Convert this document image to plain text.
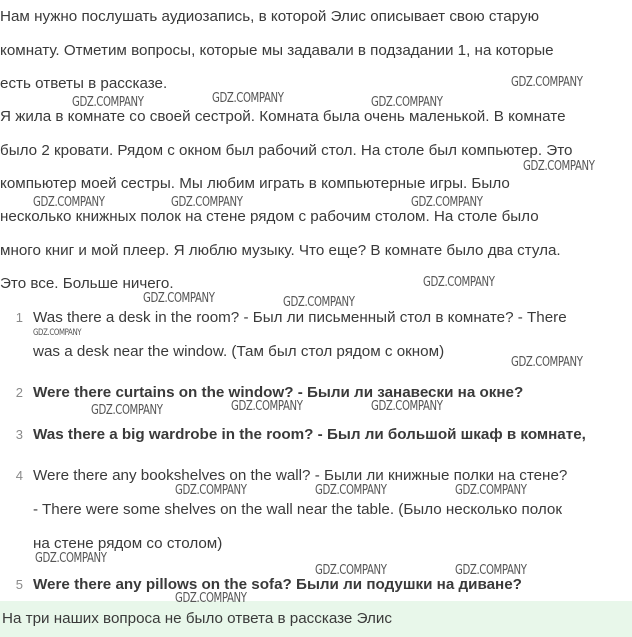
Нам нужно послушать аудиозапись, в которой Элис описывает свою старую

комнату. Отметим вопросы, которые мы задавали в подзадании 1, на которые

есть ответы в рассказе.

Я жила в комнате со своей сестрой. Комната была очень маленькой. В комнате

было 2 кровати. Рядом с окном был рабочий стол. На столе был компьютер. Это

компьютер моей сестры. Мы любим играть в компьютерные игры. Было

несколько книжных полок на стене рядом с рабочим столом. На столе было

много книг и мой плеер. Я люблю музыку. Что еще? В комнате было два стула.

Это все. Больше ничего.

1 Was there a desk in the room? - Был ли письменный стол в комнате? - There
was a desk near the window. (Там был стол рядом с окном)
2 Were there curtains on the window? - Были ли занавески на окне?
3 Was there a big wardrobe in the room? - Был ли большой шкаф в комнате,
4 Were there any bookshelves on the wall? - Были ли книжные полки на стене?
- There were some shelves on the wall near the table. (Было несколько полок
на стене рядом со столом)
5 Were there any pillows on the sofa? Были ли подушки на диване?
На три наших вопроса не было ответа в рассказе Элис
GDZ.COMPANY
GDZ.COMPANY	GDZ.COMPANY	GDZ.COMPANY
GDZ.COMPANY
GDZ.COMPANY	GDZ.COMPANY	GDZ.COMPANY
GDZ.COMPANY
GDZ.COMPANY	GDZ.COMPANY
GDZ.COMPANY
GDZ.COMPANY
GDZ.COMPANY	GDZ.COMPANY	GDZ.COMPANY
GDZ.COMPANY	GDZ.COMPANY	GDZ.COMPANY
GDZ.COMPANY
GDZ.COMPANY	GDZ.COMPANY
GDZ.COMPANY
